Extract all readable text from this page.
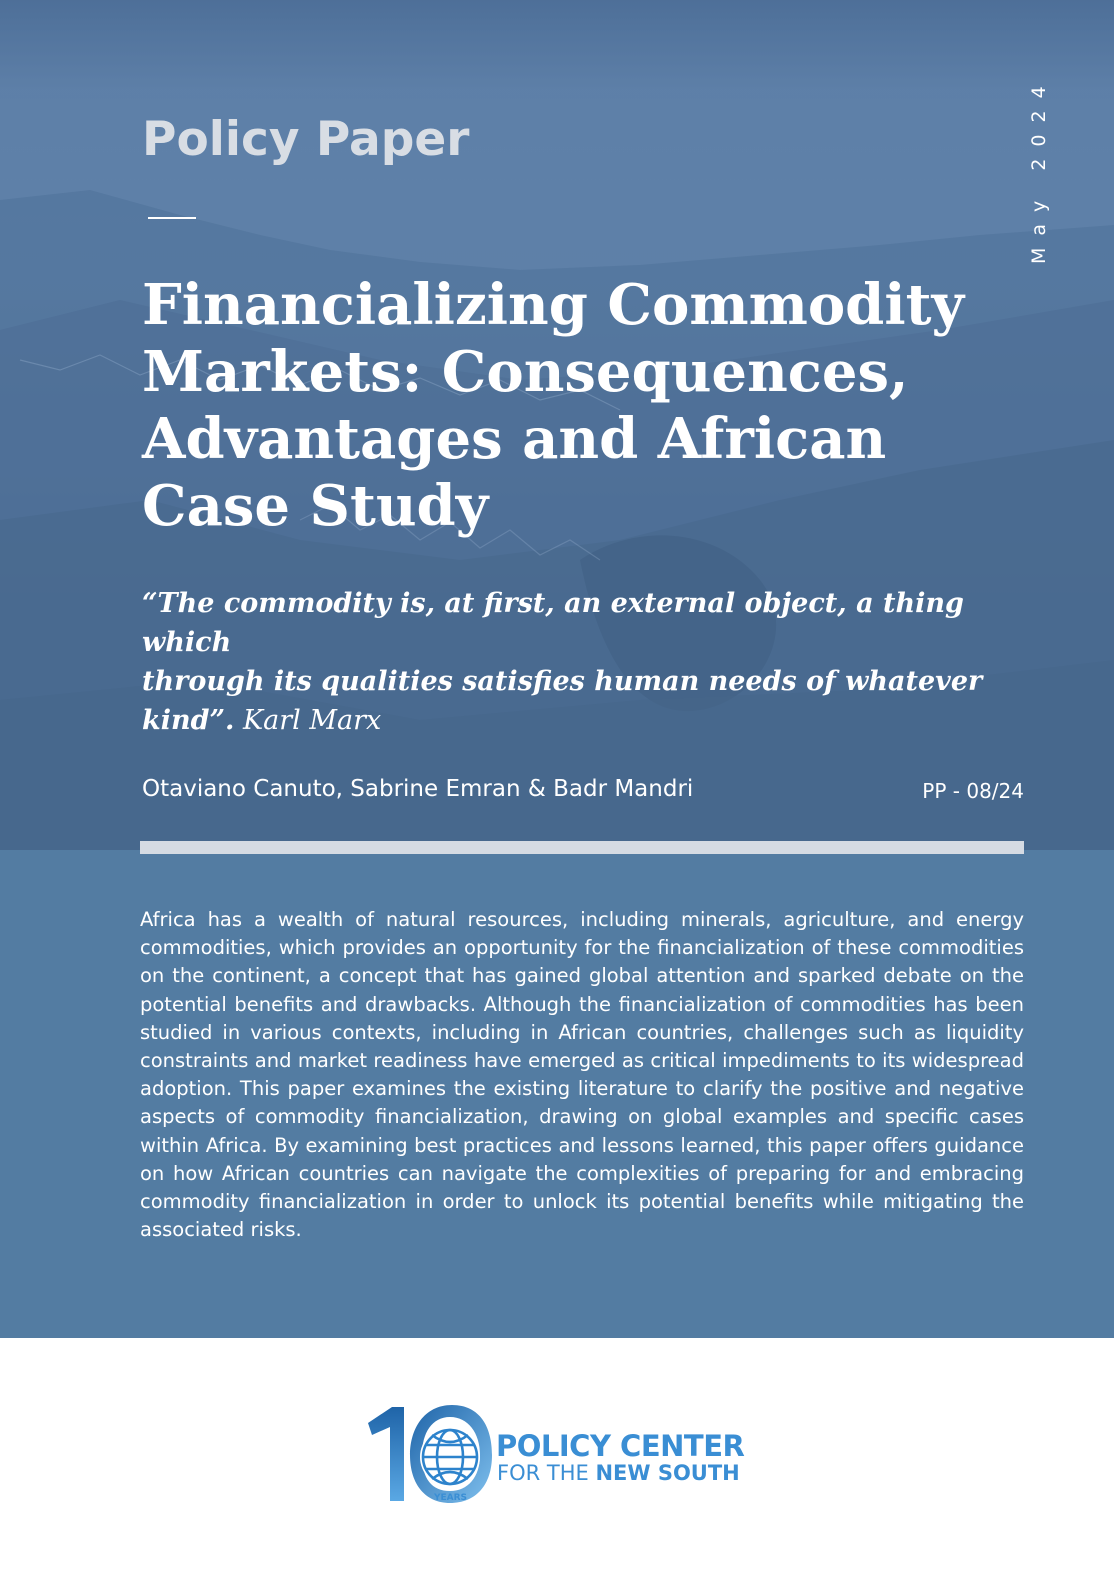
Policy Paper	May 2024
Financializing Commodity
Markets: Consequences,
Advantages and African
Case Study
“The commodity is, at first, an external object, a thing which
through its qualities satisfies human needs of whatever
kind”. Karl Marx
Otaviano Canuto, Sabrine Emran & Badr Mandri	PP - 08/24
Africa has a wealth of natural resources, including minerals, agriculture, and energy commodities, which provides an opportunity for the financialization of these commodities on the continent, a concept that has gained global attention and sparked debate on the potential benefits and drawbacks. Although the financialization of commodities has been studied in various contexts, including in African countries, challenges such as liquidity constraints and market readiness have emerged as critical impediments to its widespread adoption. This paper examines the existing literature to clarify the positive and negative aspects of commodity financialization, drawing on global examples and specific cases within Africa. By examining best practices and lessons learned, this paper offers guidance on how African countries can navigate the complexities of preparing for and embracing commodity financialization in order to unlock its potential benefits while mitigating the associated risks.
YEARS
POLICY CENTER
FOR THE NEW SOUTH
